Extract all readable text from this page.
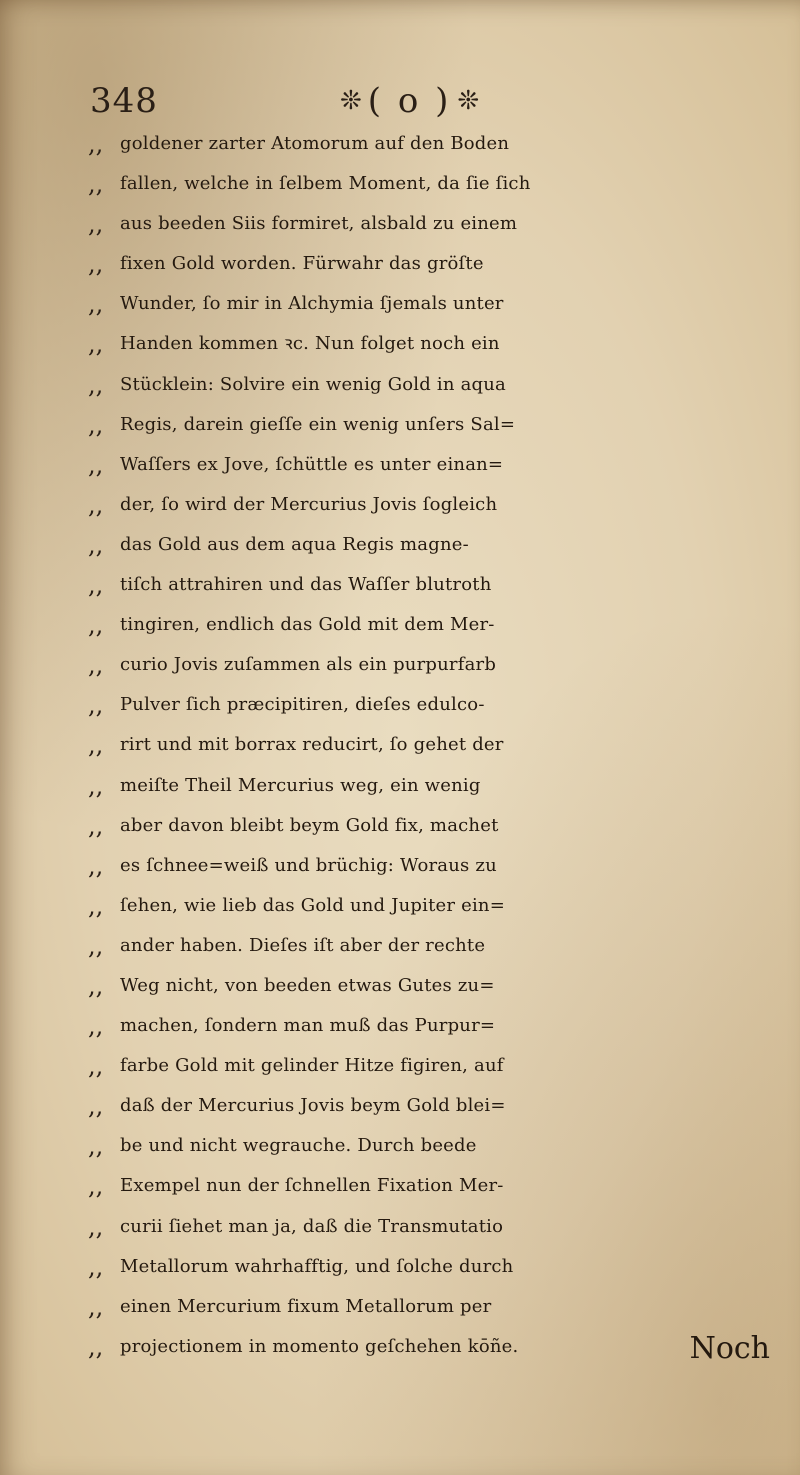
348	❊ ( o ) ❊
,,
,,
,,
,,
,,
,,
,,
,,
,,
,,
,,
,,
,,
,,
,,
,,
,,
,,
,,
,,
,,
,,
,,
,,
,,
,,
,,
,,
,,
,,
,,
goldener zarter Atomorum auf den Boden
fallen, welche in ſelbem Moment, da ſie ſich
aus beeden Siis formiret, alsbald zu einem
fixen Gold worden. Fürwahr das gröſte
Wunder, ſo mir in Alchymia ſjemals unter
Handen kommen ꝛc. Nun folget noch ein
Stücklein: Solvire ein wenig Gold in aqua
Regis, darein gieſſe ein wenig unſers Sal=
Waſſers ex Jove, ſchüttle es unter einan=
der, ſo wird der Mercurius Jovis ſogleich
das Gold aus dem aqua Regis magne-
tiſch attrahiren und das Waſſer blutroth
tingiren, endlich das Gold mit dem Mer-
curio Jovis zuſammen als ein purpurfarb
Pulver ſich præcipitiren, dieſes edulco-
rirt und mit borrax reducirt, ſo gehet der
meiſte Theil Mercurius weg, ein wenig
aber davon bleibt beym Gold fix, machet
es ſchnee=weiß und brüchig: Woraus zu
ſehen, wie lieb das Gold und Jupiter ein=
ander haben. Dieſes iſt aber der rechte
Weg nicht, von beeden etwas Gutes zu=
machen, ſondern man muß das Purpur=
farbe Gold mit gelinder Hitze figiren, auf
daß der Mercurius Jovis beym Gold blei=
be und nicht wegrauche. Durch beede
Exempel nun der ſchnellen Fixation Mer-
curii ſiehet man ja, daß die Transmutatio
Metallorum wahrhafftig, und ſolche durch
einen Mercurium fixum Metallorum per
projectionem in momento geſchehen kōñe.	Noch
